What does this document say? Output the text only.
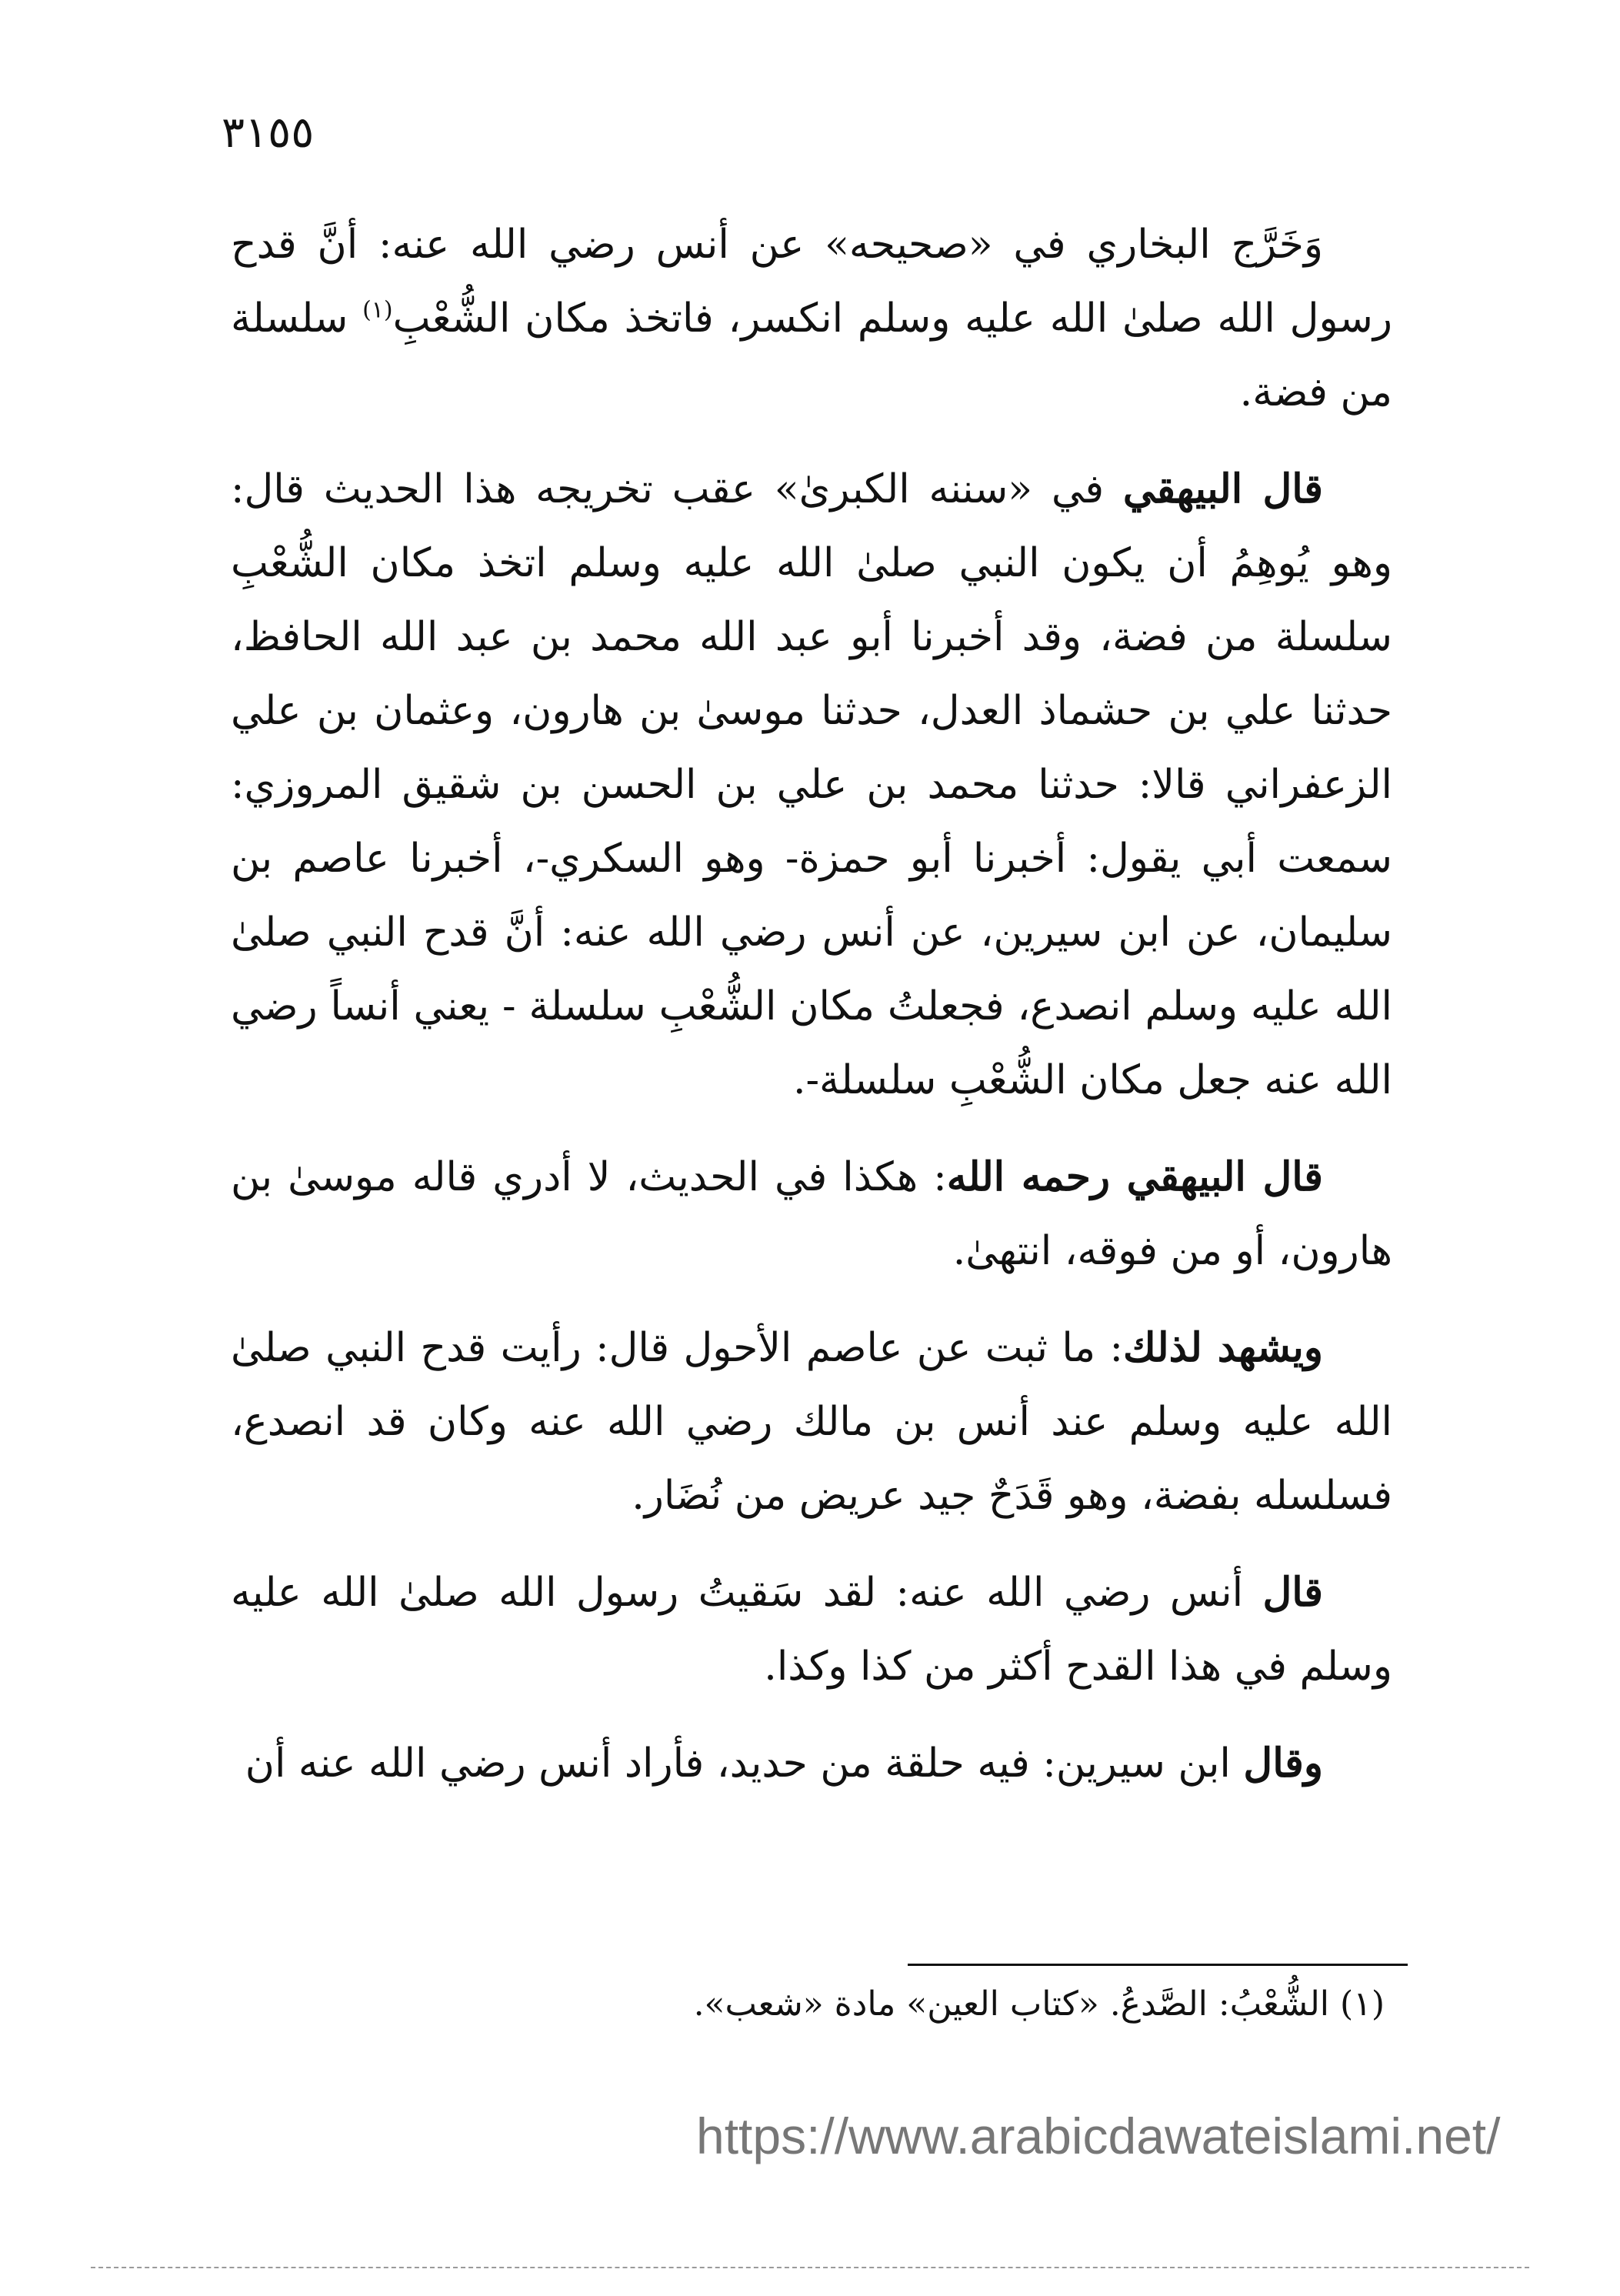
٣١٥٥

وَخَرَّج البخاري في «صحيحه» عن أنس رضي الله عنه: أنَّ قدح رسول الله صلىٰ الله عليه وسلم انكسر، فاتخذ مكان الشُّعْبِ$^{(١)}$ سلسلة من فضة.

قال البيهقي في «سننه الكبرىٰ» عقب تخريجه هذا الحديث قال: وهو يُوهِمُ أن يكون النبي صلىٰ الله عليه وسلم اتخذ مكان الشُّعْبِ سلسلة من فضة، وقد أخبرنا أبو عبد الله محمد بن عبد الله الحافظ، حدثنا علي بن حشماذ العدل، حدثنا موسىٰ بن هارون، وعثمان بن علي الزعفراني قالا: حدثنا محمد بن علي بن الحسن بن شقيق المروزي: سمعت أبي يقول: أخبرنا أبو حمزة- وهو السكري-، أخبرنا عاصم بن سليمان، عن ابن سيرين، عن أنس رضي الله عنه: أنَّ قدح النبي صلىٰ الله عليه وسلم انصدع، فجعلتُ مكان الشُّعْبِ سلسلة - يعني أنساً رضي الله عنه جعل مكان الشُّعْبِ سلسلة-.

قال البيهقي رحمه الله: هكذا في الحديث، لا أدري قاله موسىٰ بن هارون، أو من فوقه، انتهىٰ.

ويشهد لذلك: ما ثبت عن عاصم الأحول قال: رأيت قدح النبي صلىٰ الله عليه وسلم عند أنس بن مالك رضي الله عنه وكان قد انصدع، فسلسله بفضة، وهو قَدَحٌ جيد عريض من نُضَار.

قال أنس رضي الله عنه: لقد سَقيتُ رسول الله صلىٰ الله عليه وسلم في هذا القدح أكثر من كذا وكذا.

وقال ابن سيرين: فيه حلقة من حديد، فأراد أنس رضي الله عنه أن

(١) الشُّعْبُ: الصَّدعُ. «كتاب العين» مادة «شعب».
https://www.arabicdawateislami.net/
